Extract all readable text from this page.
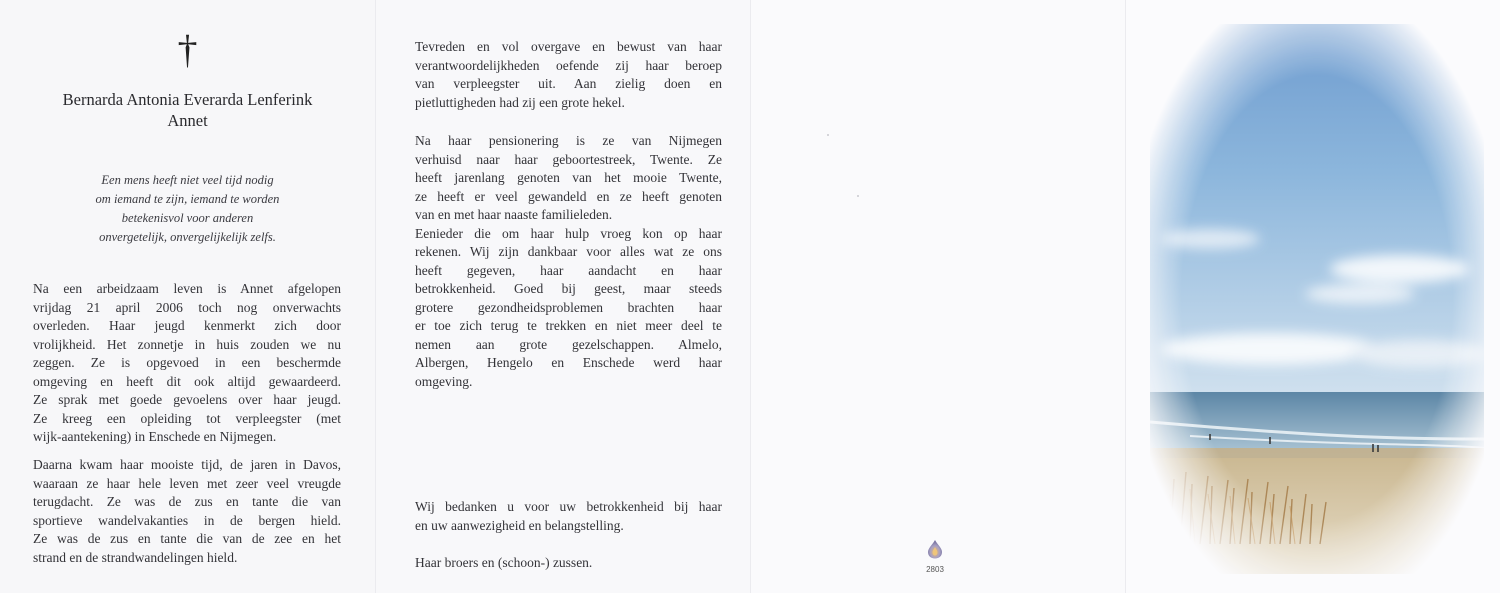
†
Bernarda Antonia Everarda Lenferink
Annet
Een mens heeft niet veel tijd nodig
om iemand te zijn, iemand te worden
betekenisvol voor anderen
onvergetelijk, onvergelijkelijk zelfs.
Na een arbeidzaam leven is Annet afgelopen
vrijdag 21 april 2006 toch nog onverwachts
overleden. Haar jeugd kenmerkt zich door
vrolijkheid. Het zonnetje in huis zouden we nu
zeggen. Ze is opgevoed in een beschermde
omgeving en heeft dit ook altijd gewaardeerd.
Ze sprak met goede gevoelens over haar jeugd.
Ze kreeg een opleiding tot verpleegster (met
wijk-aantekening) in Enschede en Nijmegen.
Daarna kwam haar mooiste tijd, de jaren in Davos,
waaraan ze haar hele leven met zeer veel vreugde
terugdacht. Ze was de zus en tante die van
sportieve wandelvakanties in de bergen hield.
Ze was de zus en tante die van de zee en het
strand en de strandwandelingen hield.
Tevreden en vol overgave en bewust van haar
verantwoordelijkheden oefende zij haar beroep
van verpleegster uit. Aan zielig doen en
pietluttigheden had zij een grote hekel.
Na haar pensionering is ze van Nijmegen
verhuisd naar haar geboortestreek, Twente. Ze
heeft jarenlang genoten van het mooie Twente,
ze heeft er veel gewandeld en ze heeft genoten
van en met haar naaste familieleden.
Eenieder die om haar hulp vroeg kon op haar
rekenen. Wij zijn dankbaar voor alles wat ze ons
heeft gegeven, haar aandacht en haar
betrokkenheid. Goed bij geest, maar steeds
grotere gezondheidsproblemen brachten haar
er toe zich terug te trekken en niet meer deel te
nemen aan grote gezelschappen. Almelo,
Albergen, Hengelo en Enschede werd haar
omgeving.
Wij bedanken u voor uw betrokkenheid bij haar
en uw aanwezigheid en belangstelling.
Haar broers en (schoon-) zussen.	2803
